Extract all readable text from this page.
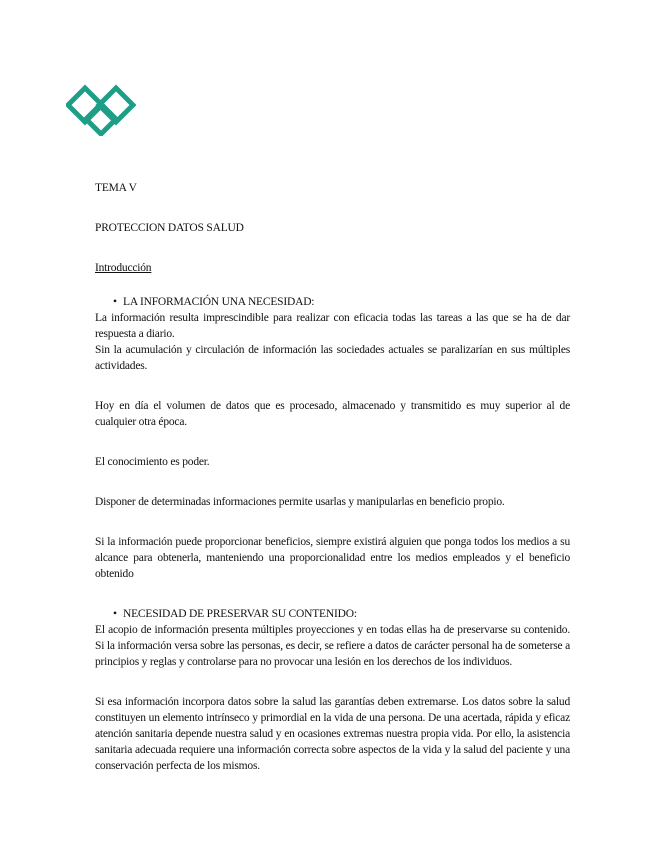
TEMA V
PROTECCION DATOS SALUD
Introducción
• LA INFORMACIÓN UNA NECESIDAD:

La información resulta imprescindible para realizar con eficacia todas las tareas a las que se ha de dar respuesta a diario.

Sin la acumulación y circulación de información las sociedades actuales se paralizarían en sus múltiples actividades.

Hoy en día el volumen de datos que es procesado, almacenado y transmitido es muy superior al de cualquier otra época.

El conocimiento es poder.

Disponer de determinadas informaciones permite usarlas y manipularlas en beneficio propio.

Si la información puede proporcionar beneficios, siempre existirá alguien que ponga todos los medios a su alcance para obtenerla, manteniendo una proporcionalidad entre los medios empleados y el beneficio obtenido

• NECESIDAD DE PRESERVAR SU CONTENIDO:

El acopio de información presenta múltiples proyecciones y en todas ellas ha de preservarse su contenido. Si la información versa sobre las personas, es decir, se refiere a datos de carácter personal ha de someterse a principios y reglas y controlarse para no provocar una lesión en los derechos de los individuos.

Si esa información incorpora datos sobre la salud las garantías deben extremarse. Los datos sobre la salud constituyen un elemento intrínseco y primordial en la vida de una persona. De una acertada, rápida y eficaz atención sanitaria depende nuestra salud y en ocasiones extremas nuestra propia vida. Por ello, la asistencia sanitaria adecuada requiere una información correcta sobre aspectos de la vida y la salud del paciente y una conservación perfecta de los mismos.
